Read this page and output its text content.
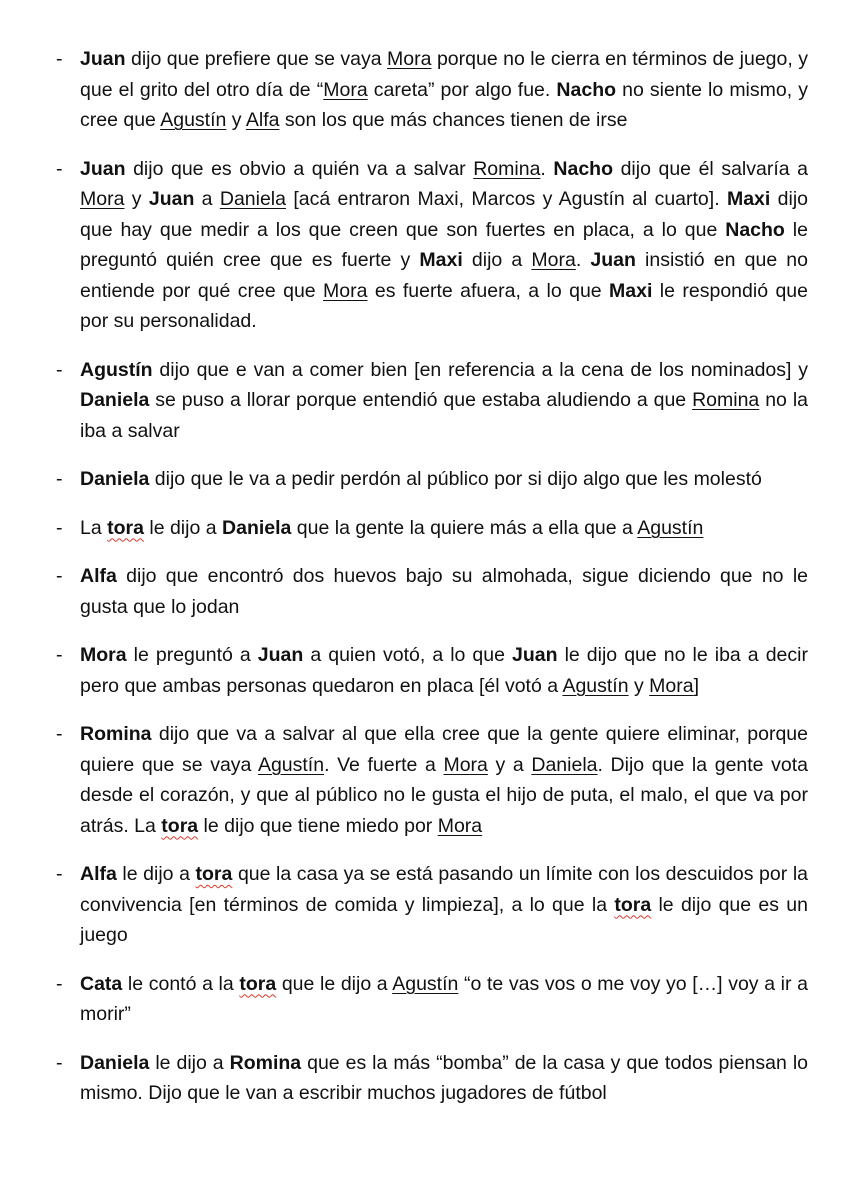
- Juan dijo que prefiere que se vaya Mora porque no le cierra en términos de juego, y que el grito del otro día de “Mora careta” por algo fue. Nacho no siente lo mismo, y cree que Agustín y Alfa son los que más chances tienen de irse
- Juan dijo que es obvio a quién va a salvar Romina. Nacho dijo que él salvaría a Mora y Juan a Daniela [acá entraron Maxi, Marcos y Agustín al cuarto]. Maxi dijo que hay que medir a los que creen que son fuertes en placa, a lo que Nacho le preguntó quién cree que es fuerte y Maxi dijo a Mora. Juan insistió en que no entiende por qué cree que Mora es fuerte afuera, a lo que Maxi le respondió que por su personalidad.
- Agustín dijo que e van a comer bien [en referencia a la cena de los nominados] y Daniela se puso a llorar porque entendió que estaba aludiendo a que Romina no la iba a salvar
- Daniela dijo que le va a pedir perdón al público por si dijo algo que les molestó
- La tora le dijo a Daniela que la gente la quiere más a ella que a Agustín
- Alfa dijo que encontró dos huevos bajo su almohada, sigue diciendo que no le gusta que lo jodan
- Mora le preguntó a Juan a quien votó, a lo que Juan le dijo que no le iba a decir pero que ambas personas quedaron en placa [él votó a Agustín y Mora]
- Romina dijo que va a salvar al que ella cree que la gente quiere eliminar, porque quiere que se vaya Agustín. Ve fuerte a Mora y a Daniela. Dijo que la gente vota desde el corazón, y que al público no le gusta el hijo de puta, el malo, el que va por atrás. La tora le dijo que tiene miedo por Mora
- Alfa le dijo a tora que la casa ya se está pasando un límite con los descuidos por la convivencia [en términos de comida y limpieza], a lo que la tora le dijo que es un juego
- Cata le contó a la tora que le dijo a Agustín “o te vas vos o me voy yo […] voy a ir a morir”
- Daniela le dijo a Romina que es la más “bomba” de la casa y que todos piensan lo mismo. Dijo que le van a escribir muchos jugadores de fútbol
